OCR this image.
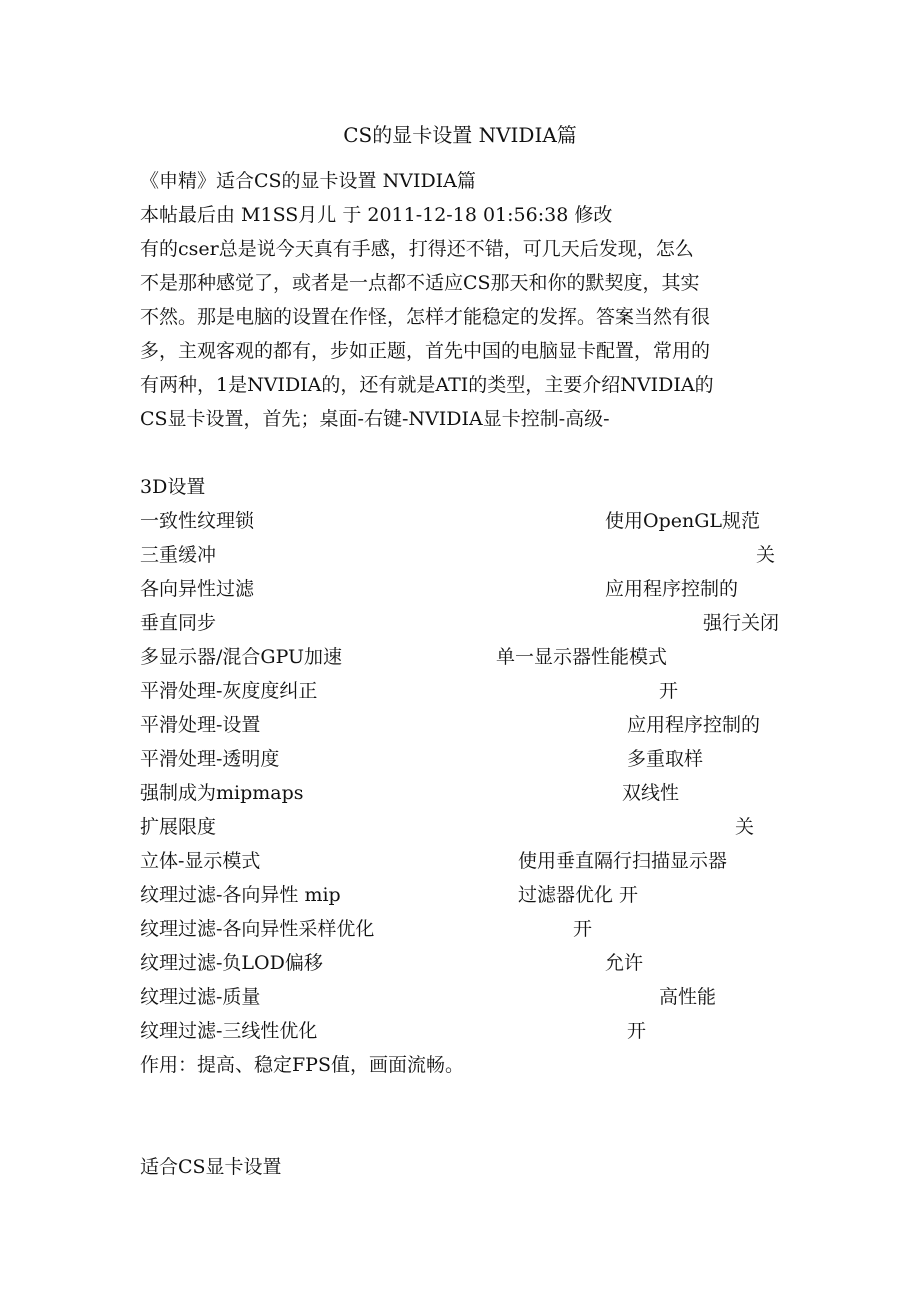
CS的显卡设置 NVIDIA篇
《申精》适合CS的显卡设置 NVIDIA篇
本帖最后由 M1SS月儿 于 2011-12-18 01:56:38 修改
有的cser总是说今天真有手感，打得还不错，可几天后发现，怎么
不是那种感觉了，或者是一点都不适应CS那天和你的默契度，其实
不然。那是电脑的设置在作怪，怎样才能稳定的发挥。答案当然有很
多，主观客观的都有，步如正题，首先中国的电脑显卡配置，常用的
有两种，1是NVIDIA的，还有就是ATI的类型，主要介绍NVIDIA的
CS显卡设置，首先；桌面-右键-NVIDIA显卡控制-高级-
3D设置
一致性纹理锁	使用OpenGL规范
三重缓冲	关
各向异性过滤	应用程序控制的
垂直同步	强行关闭
多显示器/混合GPU加速	单一显示器性能模式
平滑处理-灰度度纠正	开
平滑处理-设置	应用程序控制的
平滑处理-透明度	多重取样
强制成为mipmaps	双线性
扩展限度	关
立体-显示模式	使用垂直隔行扫描显示器
纹理过滤-各向异性 mip	过滤器优化 开
纹理过滤-各向异性采样优化	开
纹理过滤-负LOD偏移	允许
纹理过滤-质量	高性能
纹理过滤-三线性优化	开
作用：提高、稳定FPS值，画面流畅。
适合CS显卡设置
